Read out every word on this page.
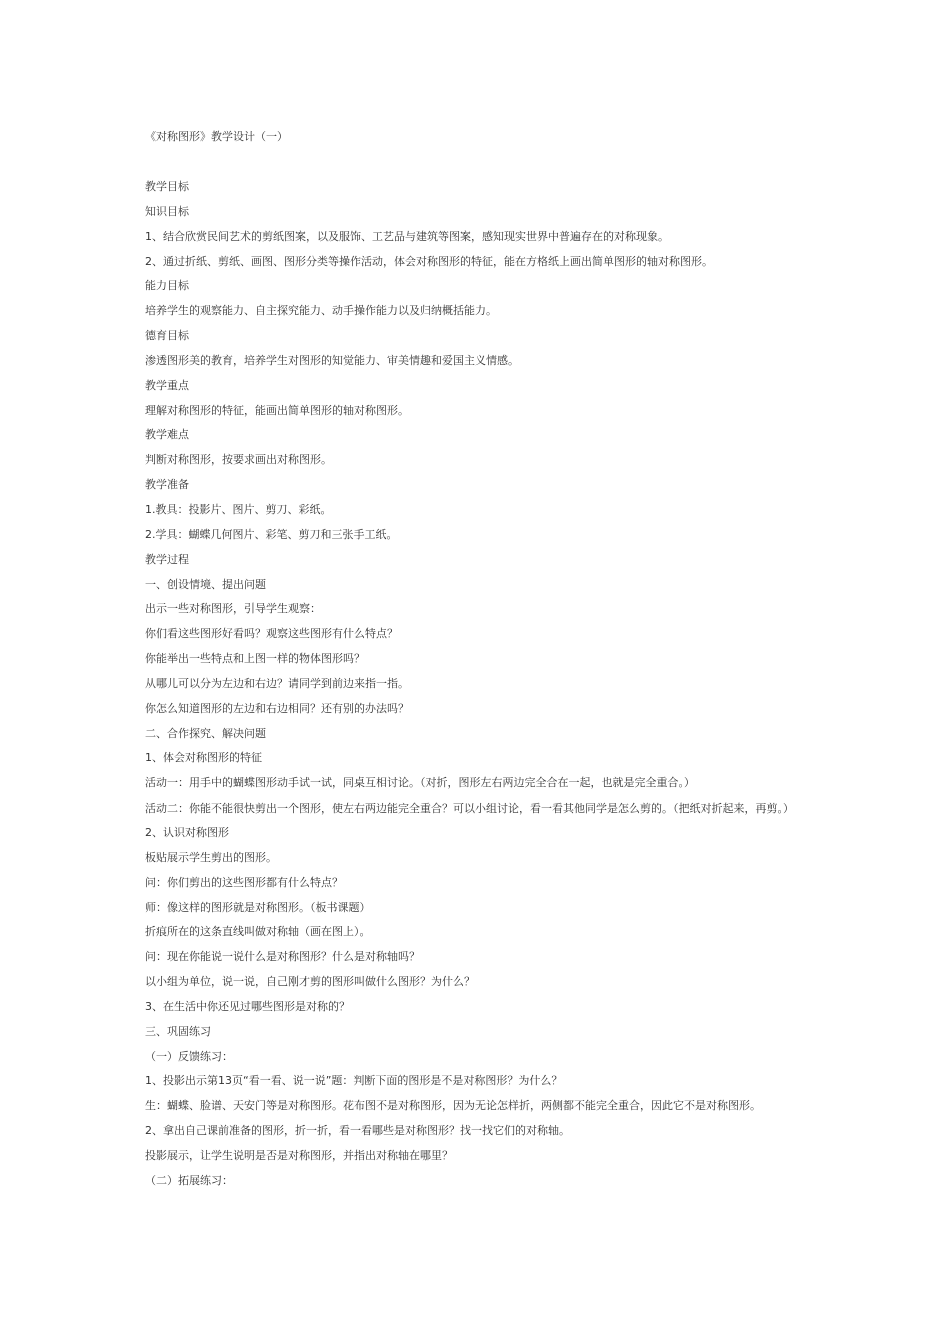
《对称图形》教学设计（一）
教学目标
知识目标
1、结合欣赏民间艺术的剪纸图案，以及服饰、工艺品与建筑等图案，感知现实世界中普遍存在的对称现象。
2、通过折纸、剪纸、画图、图形分类等操作活动，体会对称图形的特征，能在方格纸上画出简单图形的轴对称图形。
能力目标
培养学生的观察能力、自主探究能力、动手操作能力以及归纳概括能力。
德育目标
渗透图形美的教育，培养学生对图形的知觉能力、审美情趣和爱国主义情感。
教学重点
理解对称图形的特征，能画出简单图形的轴对称图形。
教学难点
判断对称图形，按要求画出对称图形。
教学准备
1.教具：投影片、图片、剪刀、彩纸。
2.学具：蝴蝶几何图片、彩笔、剪刀和三张手工纸。
教学过程
一、创设情境、提出问题
出示一些对称图形，引导学生观察：
你们看这些图形好看吗？观察这些图形有什么特点？
你能举出一些特点和上图一样的物体图形吗？
从哪儿可以分为左边和右边？请同学到前边来指一指。
你怎么知道图形的左边和右边相同？还有别的办法吗？
二、合作探究、解决问题
1、体会对称图形的特征
活动一：用手中的蝴蝶图形动手试一试，同桌互相讨论。（对折，图形左右两边完全合在一起，也就是完全重合。）
活动二：你能不能很快剪出一个图形，使左右两边能完全重合？可以小组讨论，看一看其他同学是怎么剪的。（把纸对折起来，再剪。）
2、认识对称图形
板贴展示学生剪出的图形。
问：你们剪出的这些图形都有什么特点？
师：像这样的图形就是对称图形。（板书课题）
折痕所在的这条直线叫做对称轴（画在图上）。
问：现在你能说一说什么是对称图形？什么是对称轴吗？
以小组为单位，说一说，自己刚才剪的图形叫做什么图形？为什么？
3、在生活中你还见过哪些图形是对称的？
三、巩固练习
（一）反馈练习：
1、投影出示第13页“看一看、说一说”题：判断下面的图形是不是对称图形？为什么？
生：蝴蝶、脸谱、天安门等是对称图形。花布图不是对称图形，因为无论怎样折，两侧都不能完全重合，因此它不是对称图形。
2、拿出自己课前准备的图形，折一折，看一看哪些是对称图形？找一找它们的对称轴。
投影展示，让学生说明是否是对称图形，并指出对称轴在哪里？
（二）拓展练习：
